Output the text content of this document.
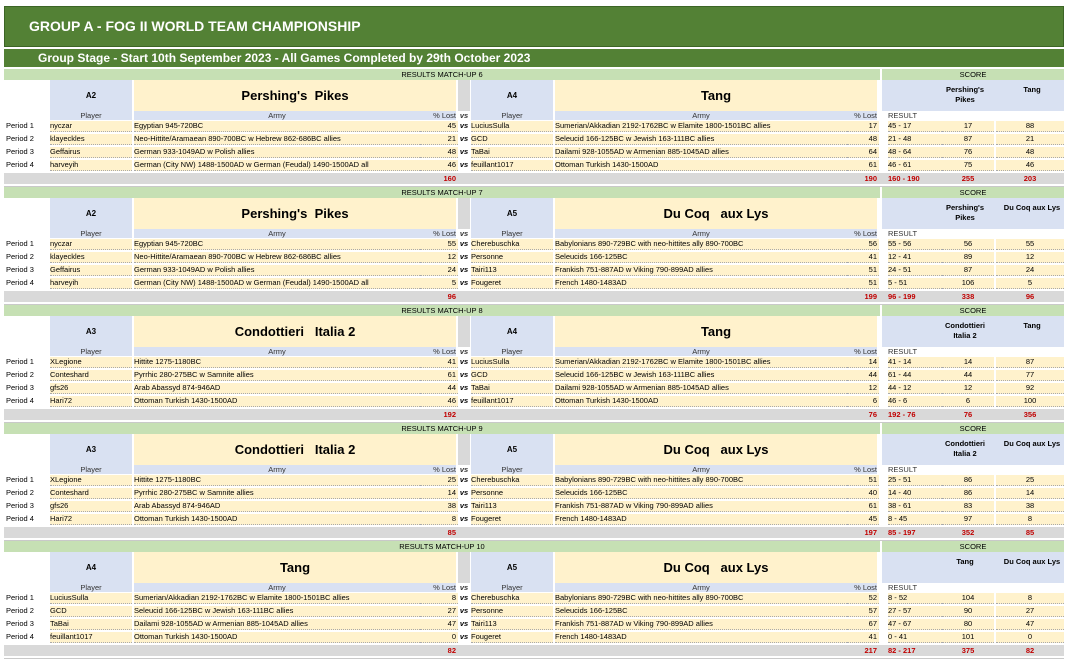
GROUP A - FOG II WORLD TEAM CHAMPIONSHIP
Group Stage - Start 10th September 2023 - All Games Completed by 29th October 2023
RESULTS MATCH-UP 6	SCORE
A2	Pershing's  Pikes	A4	Tang	Pershing's Pikes
Tang
Player	Army	% Lost vs	Player	Army	% Lost RESULT
Period 1	nyczar	Egyptian 945-720BC	45 vs LuciusSulla	Sumerian/Akkadian 2192-1762BC w Elamite 1800-1501BC allies	17 45 - 17	17	88
Period 2	klayeckles	Neo-Hittite/Aramaean 890-700BC w Hebrew 862-686BC allies	21 vs GCD	Seleucid 166-125BC w Jewish 163-111BC allies	48 21 - 48	87	21
Period 3	Geffairus	German 933-1049AD w Polish allies	48 vs TaBai	Dailami 928-1055AD w Armenian 885-1045AD allies	64 48 - 64	76	48
Period 4	harveyih	German (City NW) 1488-1500AD w German (Feudal) 1490-1500AD all	46 vs feuillant1017	Ottoman Turkish 1430-1500AD	61 46 - 61	75	46
160	190 160 - 190	255	203
RESULTS MATCH-UP 7	SCORE
A2	Pershing's  Pikes	A5	Du Coq   aux Lys	Pershing's Pikes
Du Coq aux Lys
Player	Army	% Lost vs	Player	Army	% Lost RESULT
Period 1	nyczar	Egyptian 945-720BC	55 vs Cherebuschka	Babylonians 890-729BC with neo-hittites ally 890-700BC	56 55 - 56	56	55
Period 2	klayeckles	Neo-Hittite/Aramaean 890-700BC w Hebrew 862-686BC allies	12 vs Personne	Seleucids 166-125BC	41 12 - 41	89	12
Period 3	Geffairus	German 933-1049AD w Polish allies	24 vs Tairi113	Frankish 751-887AD w Viking 790-899AD allies	51 24 - 51	87	24
Period 4	harveyih	German (City NW) 1488-1500AD w German (Feudal) 1490-1500AD all	5 vs Fougeret	French 1480-1483AD	51 5 - 51	106	5
96	199 96 - 199	338	96
RESULTS MATCH-UP 8	SCORE
A3	Condottieri   Italia 2	A4	Tang	Condottieri Italia 2
Tang
Player	Army	% Lost vs	Player	Army	% Lost RESULT
Period 1	XLegione	Hittite 1275-1180BC	41 vs LuciusSulla	Sumerian/Akkadian 2192-1762BC w Elamite 1800-1501BC allies	14 41 - 14	14	87
Period 2	Conteshard	Pyrrhic 280-275BC w Samnite allies	61 vs GCD	Seleucid 166-125BC w Jewish 163-111BC allies	44 61 - 44	44	77
Period 3	gfs26	Arab Abassyd 874-946AD	44 vs TaBai	Dailami 928-1055AD w Armenian 885-1045AD allies	12 44 - 12	12	92
Period 4	Hari72	Ottoman Turkish 1430-1500AD	46 vs feuillant1017	Ottoman Turkish 1430-1500AD	6 46 - 6	6	100
192	76 192 - 76	76	356
RESULTS MATCH-UP 9	SCORE
A3	Condottieri   Italia 2	A5	Du Coq   aux Lys	Condottieri Italia 2
Du Coq aux Lys
Player	Army	% Lost vs	Player	Army	% Lost RESULT
Period 1	XLegione	Hittite 1275-1180BC	25 vs Cherebuschka	Babylonians 890-729BC with neo-hittites ally 890-700BC	51 25 - 51	86	25
Period 2	Conteshard	Pyrrhic 280-275BC w Samnite allies	14 vs Personne	Seleucids 166-125BC	40 14 - 40	86	14
Period 3	gfs26	Arab Abassyd 874-946AD	38 vs Tairi113	Frankish 751-887AD w Viking 790-899AD allies	61 38 - 61	83	38
Period 4	Hari72	Ottoman Turkish 1430-1500AD	8 vs Fougeret	French 1480-1483AD	45 8 - 45	97	8
85	197 85 - 197	352	85
RESULTS MATCH-UP 10	SCORE
A4	Tang	A5	Du Coq   aux Lys	Tang	Du Coq aux Lys
Player	Army	% Lost vs	Player	Army	% Lost RESULT
Period 1	LuciusSulla	Sumerian/Akkadian 2192-1762BC w Elamite 1800-1501BC allies	8 vs Cherebuschka	Babylonians 890-729BC with neo-hittites ally 890-700BC	52 8 - 52	104	8
Period 2	GCD	Seleucid 166-125BC w Jewish 163-111BC allies	27 vs Personne	Seleucids 166-125BC	57 27 - 57	90	27
Period 3	TaBai	Dailami 928-1055AD w Armenian 885-1045AD allies	47 vs Tairi113	Frankish 751-887AD w Viking 790-899AD allies	67 47 - 67	80	47
Period 4	feuillant1017	Ottoman Turkish 1430-1500AD	0 vs Fougeret	French 1480-1483AD	41 0 - 41	101	0
82	217 82 - 217	375	82
